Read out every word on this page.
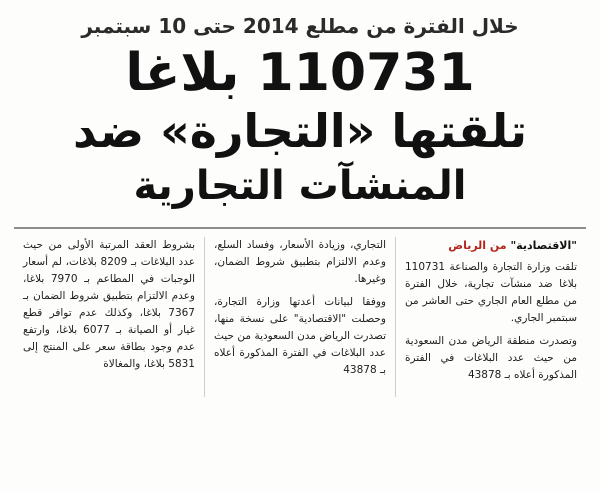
خلال الفترة من مطلع 2014 حتى 10 سبتمبر
110731 بلاغا
تلقتها «التجارة» ضد
المنشآت التجارية
"الاقتصادية" من الرياض

تلقت وزارة التجارة والصناعة 110731 بلاغا ضد منشآت تجارية، خلال الفترة من مطلع العام الجاري حتى العاشر من سبتمبر الجاري.

وتصدرت منطقة الرياض مدن السعودية من حيث عدد البلاغات في الفترة المذكورة أعلاه بـ 43878

التجاري، وزيادة الأسعار، وفساد السلع، وعدم الالتزام بتطبيق شروط الضمان، وغيرها.

ووفقا لبيانات أعدتها وزارة التجارة، وحصلت "الاقتصادية" على نسخة منها، تصدرت الرياض مدن السعودية من حيث عدد البلاغات في الفترة المذكورة أعلاه بـ 43878

بشروط العقد المرتبة الأولى من حيث عدد البلاغات بـ 8209 بلاغات، لم أسعار الوجبات في المطاعم بـ 7970 بلاغا، وعدم الالتزام بتطبيق شروط الضمان بـ 7367 بلاغا، وكذلك عدم توافر قطع غيار أو الصيانة بـ 6077 بلاغا، وارتفع عدم وجود بطاقة سعر على المنتج إلى 5831 بلاغا، والمغالاة
